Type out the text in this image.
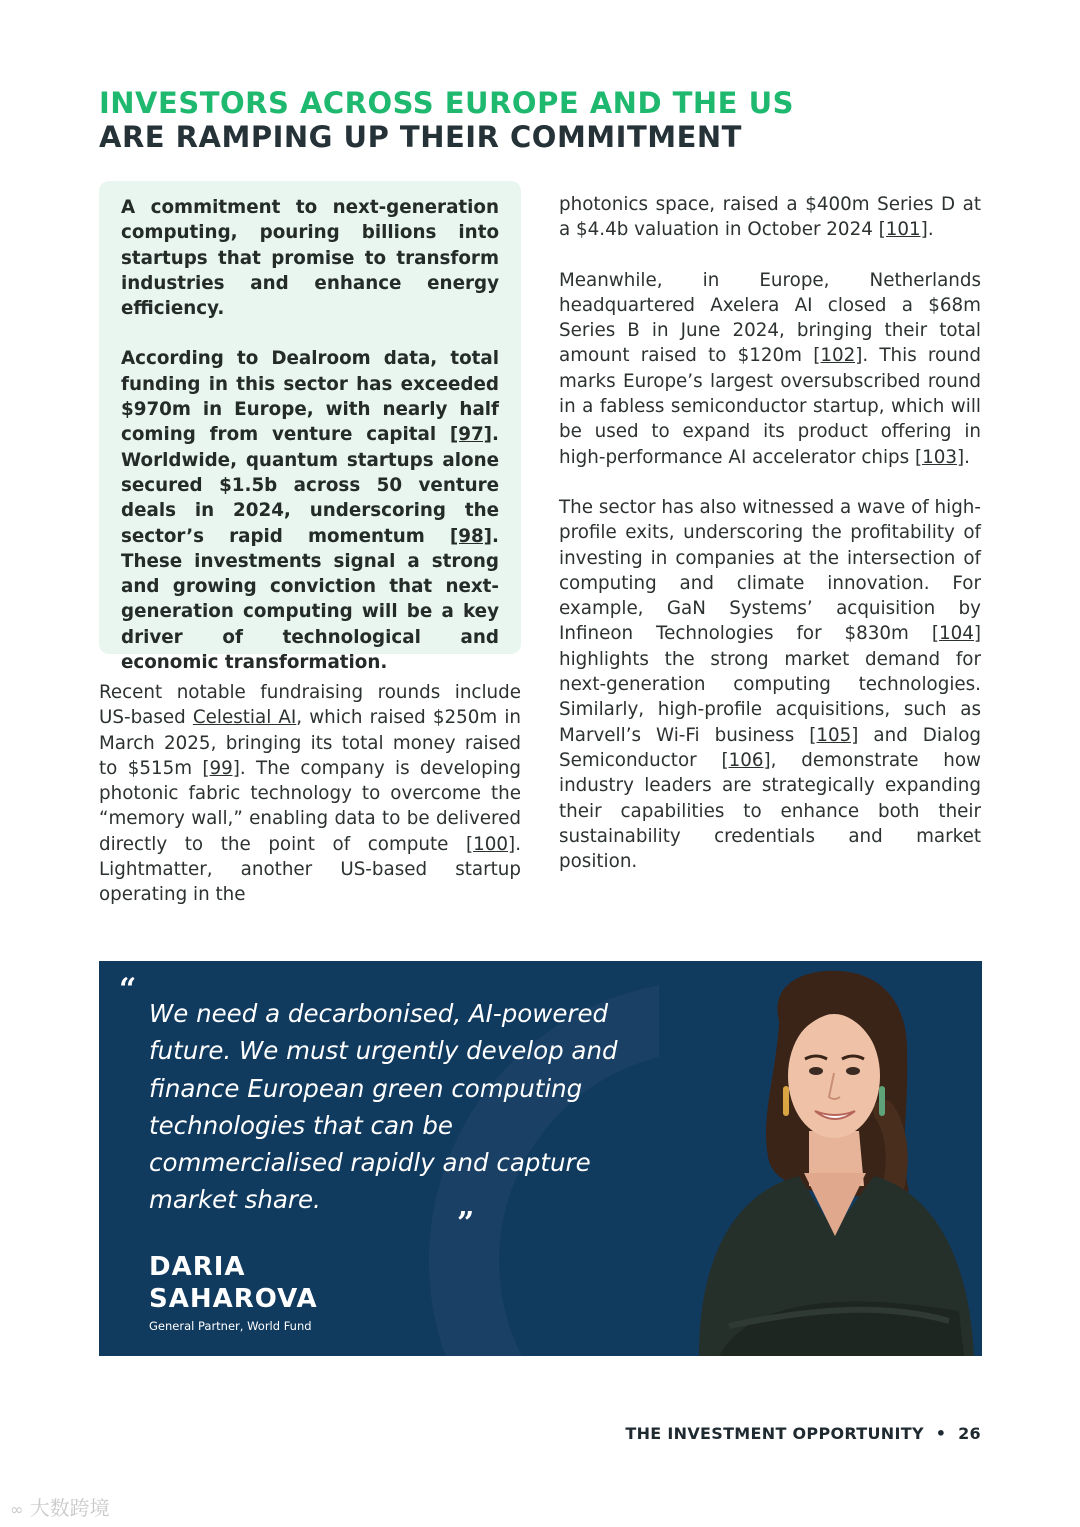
INVESTORS ACROSS EUROPE AND THE US
ARE RAMPING UP THEIR COMMITMENT

A commitment to next-generation computing, pouring billions into startups that promise to transform industries and enhance energy efficiency.

According to Dealroom data, total funding in this sector has exceeded $970m in Europe, with nearly half coming from venture capital [97]. Worldwide, quantum startups alone secured $1.5b across 50 venture deals in 2024, underscoring the sector’s rapid momentum [98]. These investments signal a strong and growing conviction that next-generation computing will be a key driver of technological and economic transformation.

Recent notable fundraising rounds include US-based Celestial AI, which raised $250m in March 2025, bringing its total money raised to $515m [99]. The company is developing photonic fabric technology to overcome the “memory wall,” enabling data to be delivered directly to the point of compute [100]. Lightmatter, another US-based startup operating in the

photonics space, raised a $400m Series D at a $4.4b valuation in October 2024 [101].

Meanwhile, in Europe, Netherlands headquartered Axelera AI closed a $68m Series B in June 2024, bringing their total amount raised to $120m [102]. This round marks Europe’s largest oversubscribed round in a fabless semiconductor startup, which will be used to expand its product offering in high-performance AI accelerator chips [103].

The sector has also witnessed a wave of high-profile exits, underscoring the profitability of investing in companies at the intersection of computing and climate innovation. For example, GaN Systems’ acquisition by Infineon Technologies for $830m [104] highlights the strong market demand for next-generation computing technologies. Similarly, high-profile acquisitions, such as Marvell’s Wi-Fi business [105] and Dialog Semiconductor [106], demonstrate how industry leaders are strategically expanding their capabilities to enhance both their sustainability credentials and market position.

“

We need a decarbonised, AI-powered future. We must urgently develop and finance European green computing technologies that can be commercialised rapidly and capture market share.

”
DARIA
SAHAROVA
General Partner, World Fund
THE INVESTMENT OPPORTUNITY • 26
∞ 大数跨境
